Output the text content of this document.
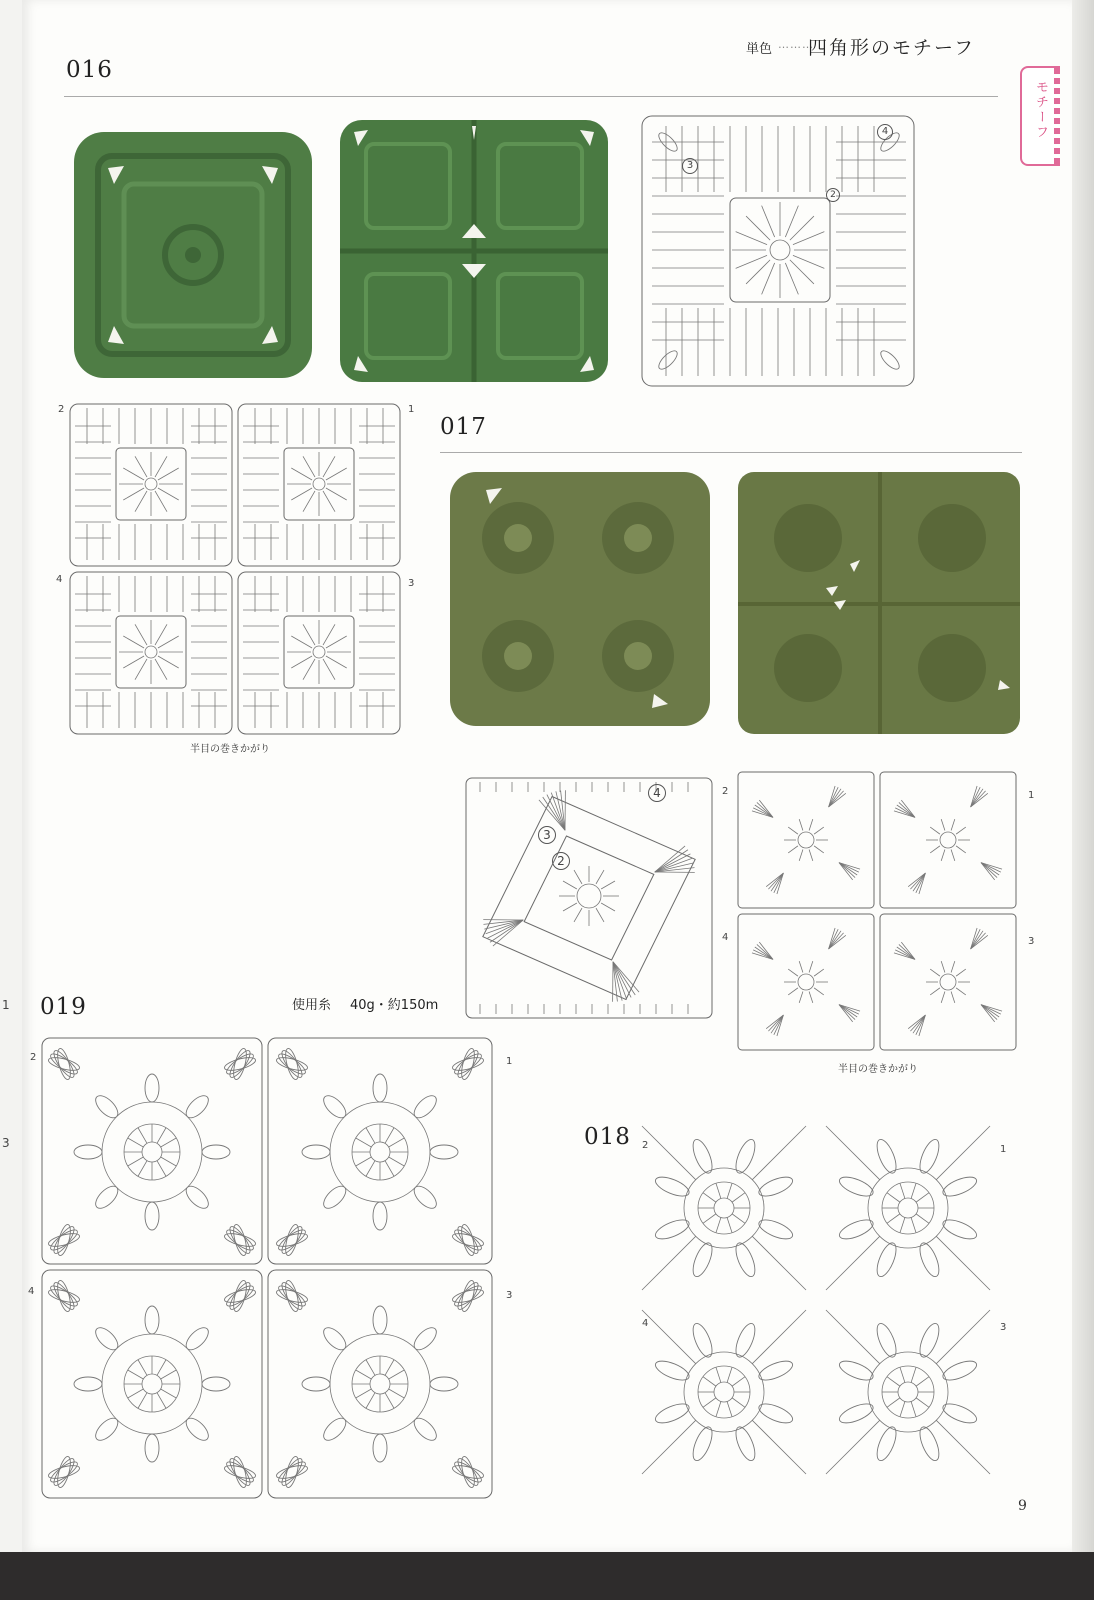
1
3
単色 ………
四角形のモチーフ
モチーフ
016
4
3
2
2	1
4	3
半目の巻きかがり
017
4
3
2
2	1
4	3
半目の巻きかがり
使用糸 40g・約150m
019
2	1
4	3
018 2	1
4	3
9
